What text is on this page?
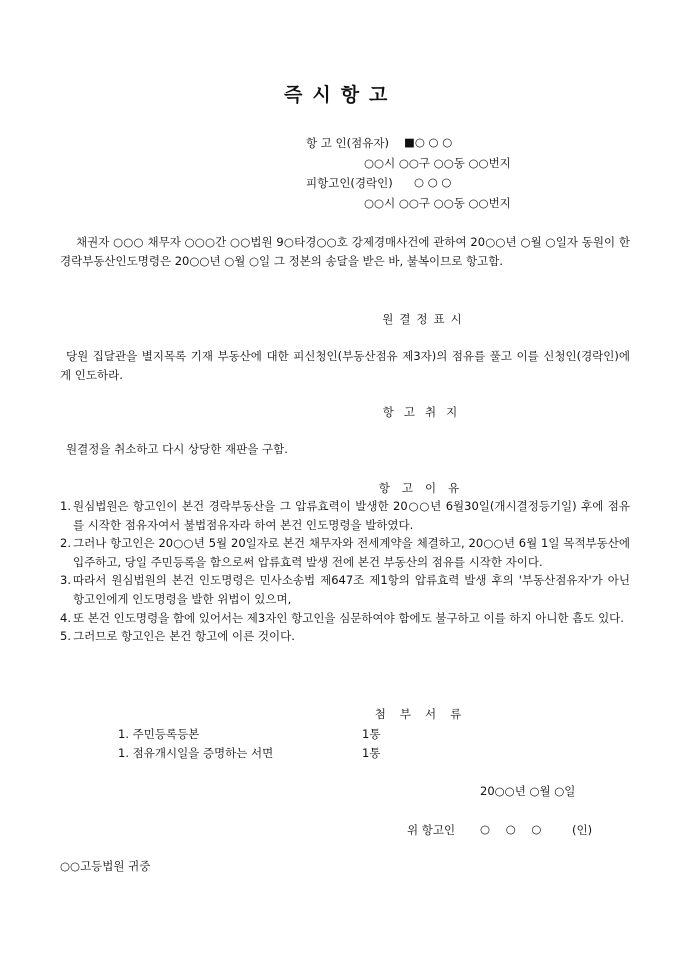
즉시항고
항 고 인(점유자) ■○ ○ ○
○○시 ○○구 ○○동 ○○번지
피항고인(경락인) ○ ○ ○
○○시 ○○구 ○○동 ○○번지
채권자 ○○○ 채무자 ○○○간 ○○법원 9○타경○○호 강제경매사건에 관하여 20○○년 ○월 ○일자 동원이 한 경락부동산인도명령은 20○○년 ○월 ○일 그 정본의 송달을 받은 바, 불복이므로 항고함.
원결정표시
당원 집달관을 별지목록 기재 부동산에 대한 피신청인(부동산점유 제3자)의 점유를 풀고 이를 신청인(경락인)에게 인도하라.
항고취지
원결정을 취소하고 다시 상당한 재판을 구함.
항고이유
1. 원심법원은 항고인이 본건 경락부동산을 그 압류효력이 발생한 20○○년 6월30일(개시결정등기일) 후에 점유를 시작한 점유자여서 불법점유자라 하여 본건 인도명령을 발하였다.
2. 그러나 항고인은 20○○년 5월 20일자로 본건 채무자와 전세계약을 체결하고, 20○○년 6월 1일 목적부동산에 입주하고, 당일 주민등록을 함으로써 압류효력 발생 전에 본건 부동산의 점유를 시작한 자이다.
3. 따라서 원심법원의 본건 인도명령은 민사소송법 제647조 제1항의 압류효력 발생 후의 '부동산점유자'가 아닌 항고인에게 인도명령을 발한 위법이 있으며,
4. 또 본건 인도명령을 함에 있어서는 제3자인 항고인을 심문하여야 함에도 불구하고 이를 하지 아니한 흠도 있다.
5. 그러므로 항고인은 본건 항고에 이른 것이다.
첨부서류
1. 주민등록등본	1통
1. 점유개시일을 증명하는 서면	1통
20○○년 ○월 ○일
위 항고인 ○ ○ ○	(인)
○○고등법원 귀중
